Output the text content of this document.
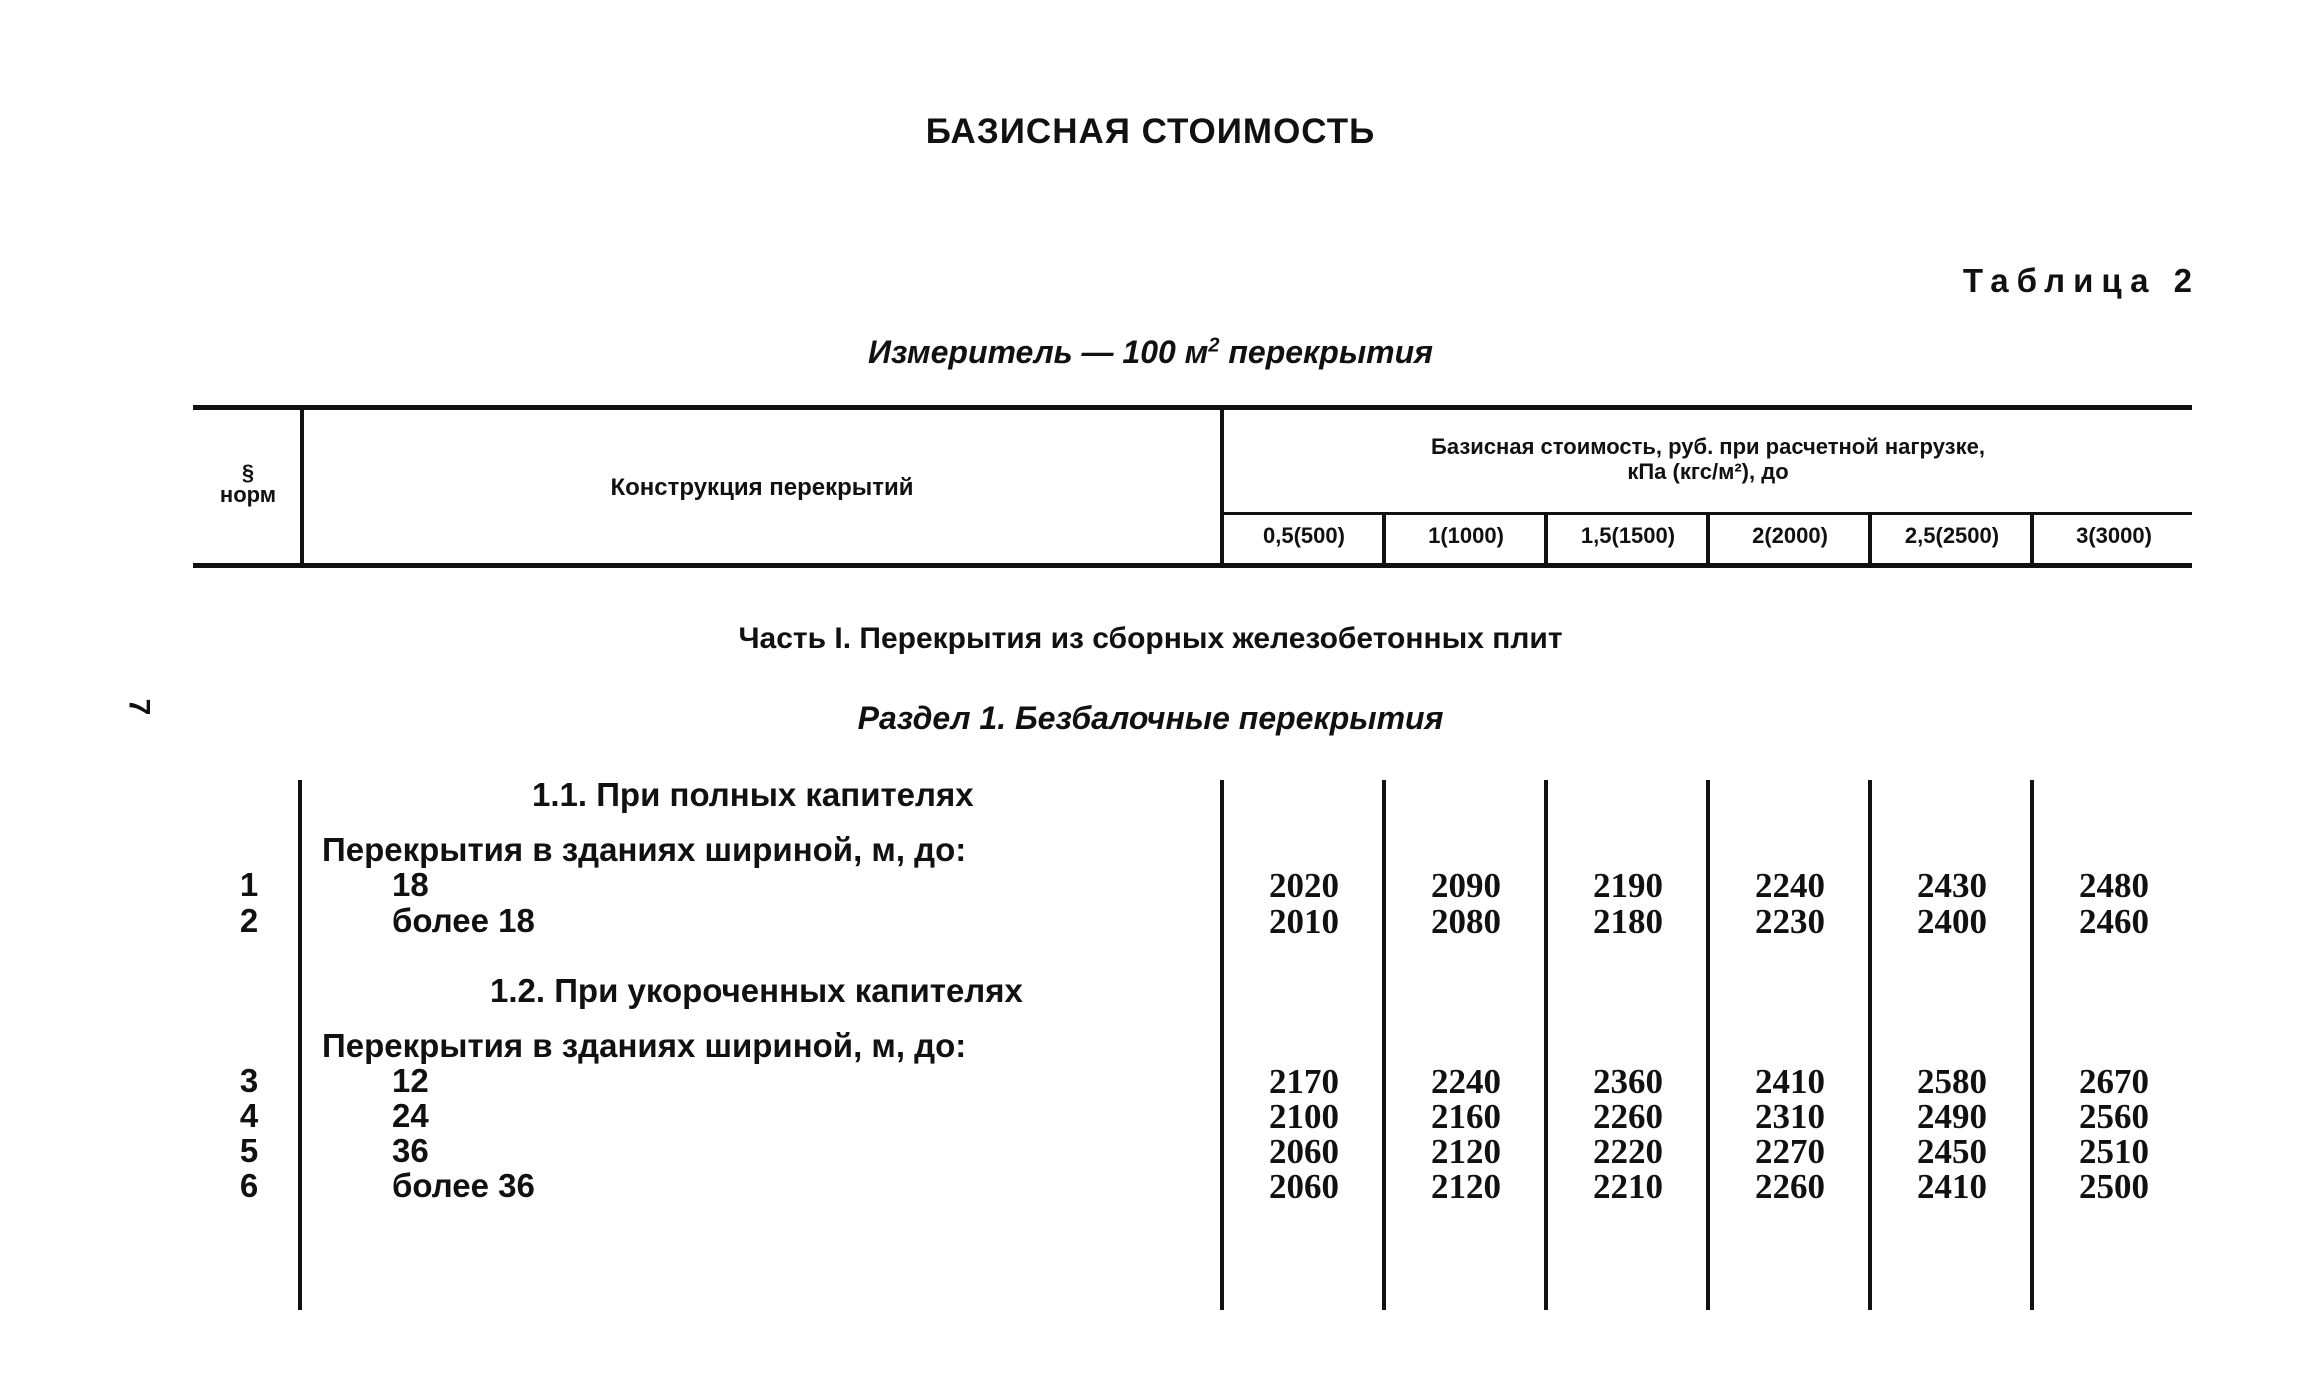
БАЗИСНАЯ СТОИМОСТЬ
Таблица 2
Измеритель — 100 $м^2$ перекрытия
§
норм	Конструкция перекрытий
Базисная стоимость, руб. при расчетной нагрузке,
кПа (кгс/м²), до
0,5(500)	1(1000)	1,5(1500)	2(2000)	2,5(2500)	3(3000)
Часть I. Перекрытия из сборных железобетонных плит
7	Раздел 1. Безбалочные перекрытия
1.1. При полных капителях
Перекрытия в зданиях шириной, м, до:
1	18	2020	2090	2190	2240	2430	2480
2	более 18	2010	2080	2180	2230	2400	2460
1.2. При укороченных капителях
Перекрытия в зданиях шириной, м, до:
3	12	2170	2240	2360	2410	2580	2670
4	24	2100	2160	2260	2310	2490	2560
5	36	2060	2120	2220	2270	2450	2510
6	более 36	2060	2120	2210	2260	2410	2500
